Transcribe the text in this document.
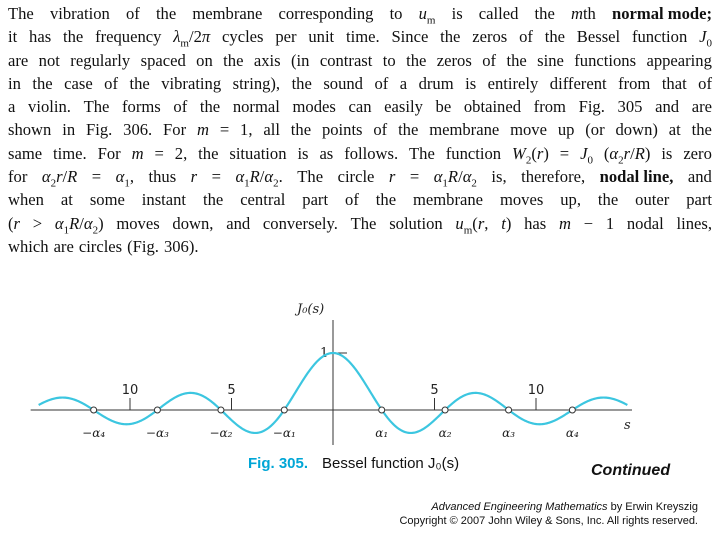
The vibration of the membrane corresponding to $u_m$ is called the mth normal mode;
it has the frequency $\lambda_m/2\pi$ cycles per unit time. Since the zeros of the Bessel function $J_0$
are not regularly spaced on the axis (in contrast to the zeros of the sine functions appearing
in the case of the vibrating string), the sound of a drum is entirely different from that of
a violin. The forms of the normal modes can easily be obtained from Fig. 305 and are
shown in Fig. 306. For m = 1, all the points of the membrane move up (or down) at the
same time. For m = 2, the situation is as follows. The function $W_2(r) = J_0$ $(\alpha_2r/R)$ is zero
for $\alpha_2r/R = \alpha_1$, thus $r = \alpha_1R/\alpha_2$. The circle $r = \alpha_1R/\alpha_2$ is, therefore, nodal line, and
when at some instant the central part of the membrane moves up, the outer part
$(r > \alpha_1R/\alpha_2)$ moves down, and conversely. The solution $u_m(r$, t) has m − 1 nodal lines,
which are circles (Fig. 306).
1
10	5	5	10
−α₄	−α₃	−α₂	−α₁	α₁	α₂	α₃	α₄
J₀(s)
s
Fig. 305. Bessel function J₀(s)	Continued
Advanced Engineering Mathematics by Erwin Kreyszig
Copyright © 2007 John Wiley & Sons, Inc. All rights reserved.
